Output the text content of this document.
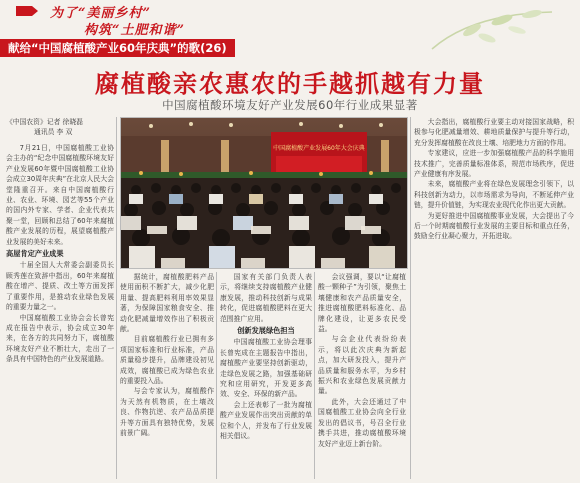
为了“美丽乡村”
构筑“土肥和谐”
献给“中国腐植酸产业60年庆典”的歌(26)
腐植酸亲农惠农的手越抓越有力量
中国腐植酸环境友好产业发展60年行业成果显著
《中国农资》记者 徐晓磊
通讯员 李 双

7月21日，中国腐植酸工业协会主办的“纪念中国腐植酸环境友好产业发展60年暨中国腐植酸工业协会成立30周年庆典”在北京人民大会堂隆重召开。来自中国腐植酸行业、农业、环境、园艺等55个产业的国内外专家、学者、企业代表共聚一堂，回顾和总结了60年来腐植酸产业发展的历程，展望腐植酸产业发展的美好未来。

高屋肯定产业成果

十届全国人大常委会副委员长顾秀莲在致辞中指出，60年来腐植酸在增产、提质、改土等方面发挥了重要作用，是推动农业绿色发展的重要力量之一。

中国腐植酸工业协会会长曾宪成在报告中表示，协会成立30年来，在各方的共同努力下，腐植酸环境友好产业不断壮大，走出了一条具有中国特色的产业发展道路。

中国腐植酸产业发展60年大会庆典

据统计，腐植酸肥料产品使用面积不断扩大，减少化肥用量、提高肥料利用率效果显著，为保障国家粮食安全、推动化肥减量增效作出了积极贡献。

目前腐植酸行业已拥有多项国家标准和行业标准，产品质量稳步提升，品牌建设初见成效，腐植酸已成为绿色农业的重要投入品。

与会专家认为，腐植酸作为天然有机物质，在土壤改良、作物抗逆、农产品品质提升等方面具有独特优势，发展前景广阔。

国家有关部门负责人表示，将继续支持腐植酸产业健康发展，推动科技创新与成果转化，促进腐植酸肥料在更大范围推广应用。

创新发展绿色担当

中国腐植酸工业协会理事长曾宪成在主题报告中指出，腐植酸产业要坚持创新驱动，走绿色发展之路，加强基础研究和应用研究，开发更多高效、安全、环保的新产品。

会上还表彰了一批为腐植酸产业发展作出突出贡献的单位和个人，并发布了行业发展相关倡议。

会议强调，要以“让腐植酸一颗种子”为引领，聚焦土壤健康和农产品质量安全，推进腐植酸肥料标准化、品牌化建设，让更多农民受益。

与会企业代表纷纷表示，将以此次庆典为新起点，加大研发投入，提升产品质量和服务水平，为乡村振兴和农业绿色发展贡献力量。

此外，大会还通过了中国腐植酸工业协会向全行业发出的倡议书，号召全行业携手共进，推动腐植酸环境友好产业迈上新台阶。

大会指出，腐植酸行业要主动对接国家战略，积极参与化肥减量增效、耕地质量保护与提升等行动，充分发挥腐植酸在改良土壤、培肥地力方面的作用。

专家建议，应进一步加强腐植酸产品的科学施用技术推广，完善质量标准体系，规范市场秩序，促进产业健康有序发展。

未来，腐植酸产业将在绿色发展理念引领下，以科技创新为动力，以市场需求为导向，不断延伸产业链，提升价值链，为实现农业现代化作出更大贡献。

为更好推进中国腐植酸事业发展，大会提出了今后一个时期腐植酸行业发展的主要目标和重点任务，鼓励全行业凝心聚力，开拓进取。
